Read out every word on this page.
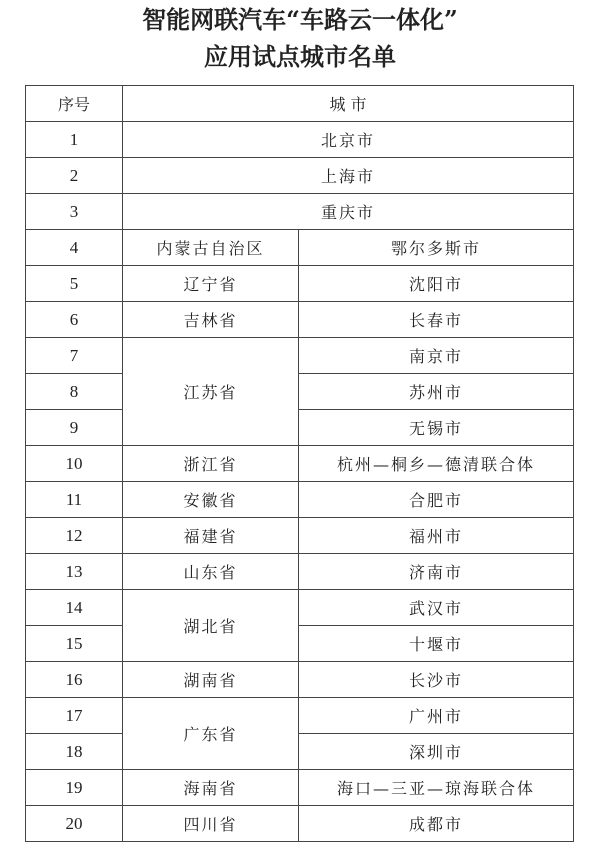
智能网联汽车“车路云一体化”
应用试点城市名单
序号	城 市	
1	北京市	
2	上海市	
3	重庆市	
4	内蒙古自治区	鄂尔多斯市
5	辽宁省	沈阳市
6	吉林省	长春市
7	江苏省	南京市
8		苏州市
9		无锡市
10	浙江省	杭州—桐乡—德清联合体
11	安徽省	合肥市
12	福建省	福州市
13	山东省	济南市
14	湖北省	武汉市
15		十堰市
16	湖南省	长沙市
17	广东省	广州市
18		深圳市
19	海南省	海口—三亚—琼海联合体
20	四川省	成都市
